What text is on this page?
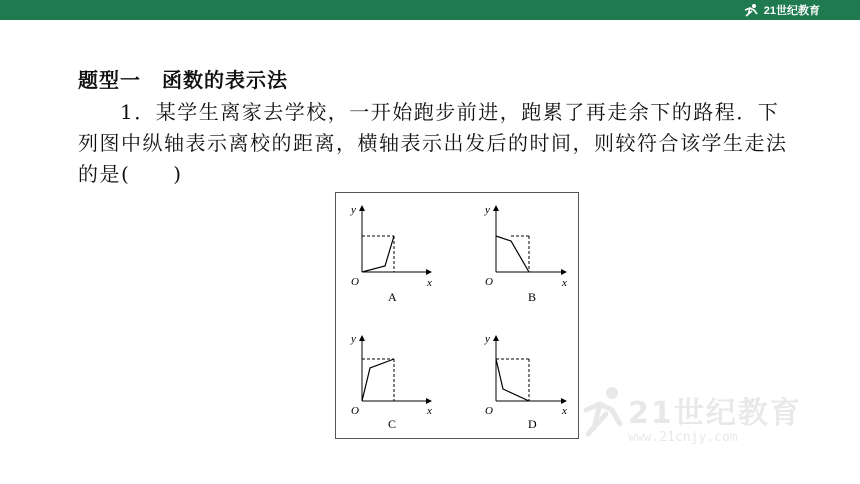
21世纪教育
题型一　函数的表示法
1．某学生离家去学校，一开始跑步前进，跑累了再走余下的路程．下列图中纵轴表示离校的距离，横轴表示出发后的时间，则较符合该学生走法的是(　　)
y
x
O
A
y
x
O
B
y
x
O
C
y
x
O
D	21世纪教育
www.21cnjy.com
